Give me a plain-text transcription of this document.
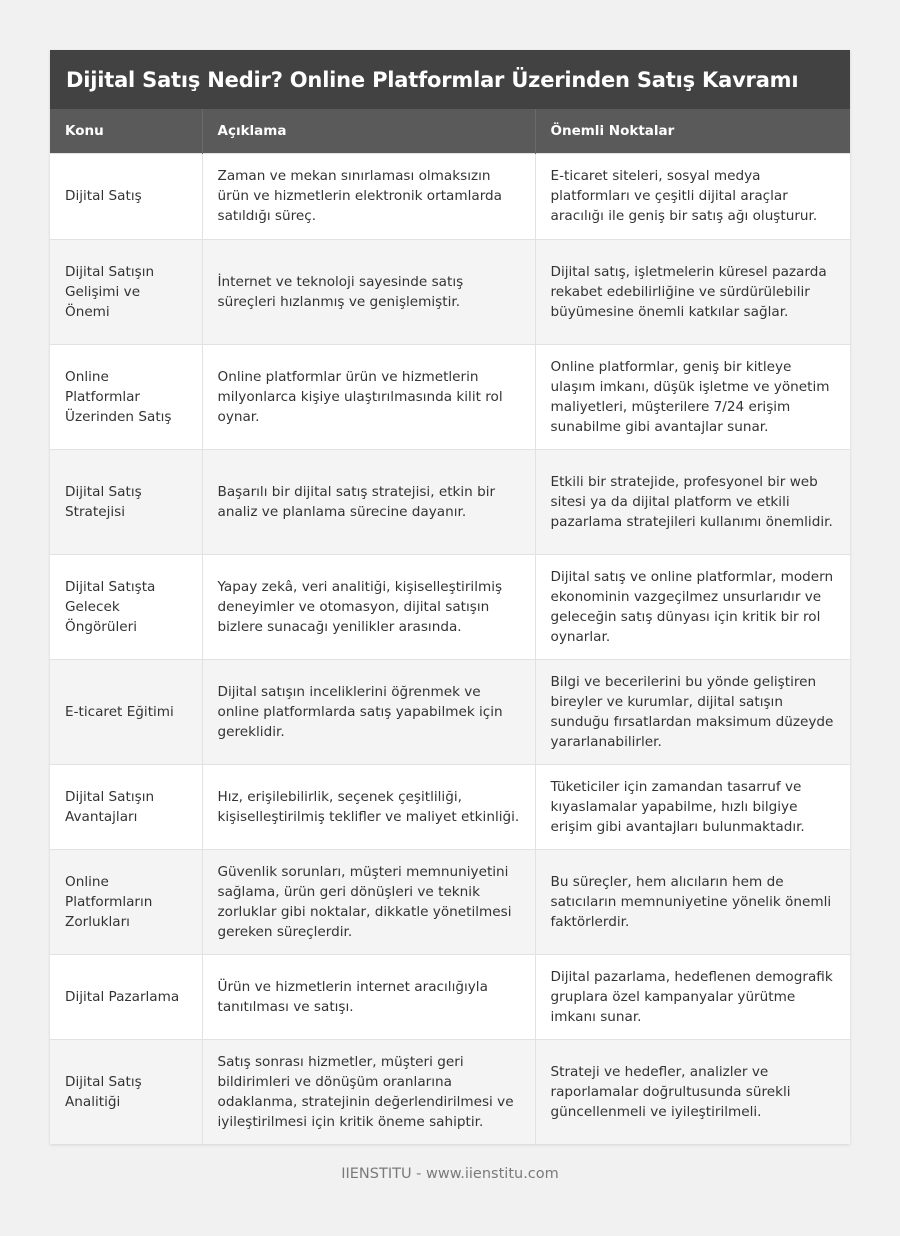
Dijital Satış Nedir? Online Platformlar Üzerinden Satış Kavramı
Konu	Açıklama	Önemli Noktalar
Dijital Satış	Zaman ve mekan sınırlaması olmaksızın ürün ve hizmetlerin elektronik ortamlarda satıldığı süreç.	E-ticaret siteleri, sosyal medya platformları ve çeşitli dijital araçlar aracılığı ile geniş bir satış ağı oluşturur.
Dijital Satışın Gelişimi ve Önemi	İnternet ve teknoloji sayesinde satış süreçleri hızlanmış ve genişlemiştir.	Dijital satış, işletmelerin küresel pazarda rekabet edebilirliğine ve sürdürülebilir büyümesine önemli katkılar sağlar.
Online Platformlar Üzerinden Satış	Online platformlar ürün ve hizmetlerin milyonlarca kişiye ulaştırılmasında kilit rol oynar.	Online platformlar, geniş bir kitleye ulaşım imkanı, düşük işletme ve yönetim maliyetleri, müşterilere 7/24 erişim sunabilme gibi avantajlar sunar.
Dijital Satış Stratejisi	Başarılı bir dijital satış stratejisi, etkin bir analiz ve planlama sürecine dayanır.	Etkili bir stratejide, profesyonel bir web sitesi ya da dijital platform ve etkili pazarlama stratejileri kullanımı önemlidir.
Dijital Satışta Gelecek Öngörüleri	Yapay zekâ, veri analitiği, kişiselleştirilmiş deneyimler ve otomasyon, dijital satışın bizlere sunacağı yenilikler arasında.	Dijital satış ve online platformlar, modern ekonominin vazgeçilmez unsurlarıdır ve geleceğin satış dünyası için kritik bir rol oynarlar.
E-ticaret Eğitimi	Dijital satışın inceliklerini öğrenmek ve online platformlarda satış yapabilmek için gereklidir.	Bilgi ve becerilerini bu yönde geliştiren bireyler ve kurumlar, dijital satışın sunduğu fırsatlardan maksimum düzeyde yararlanabilirler.
Dijital Satışın Avantajları	Hız, erişilebilirlik, seçenek çeşitliliği, kişiselleştirilmiş teklifler ve maliyet etkinliği.	Tüketiciler için zamandan tasarruf ve kıyaslamalar yapabilme, hızlı bilgiye erişim gibi avantajları bulunmaktadır.
Online Platformların Zorlukları	Güvenlik sorunları, müşteri memnuniyetini sağlama, ürün geri dönüşleri ve teknik zorluklar gibi noktalar, dikkatle yönetilmesi gereken süreçlerdir.	Bu süreçler, hem alıcıların hem de satıcıların memnuniyetine yönelik önemli faktörlerdir.
Dijital Pazarlama	Ürün ve hizmetlerin internet aracılığıyla tanıtılması ve satışı.	Dijital pazarlama, hedeflenen demografik gruplara özel kampanyalar yürütme imkanı sunar.
Dijital Satış Analitiği	Satış sonrası hizmetler, müşteri geri bildirimleri ve dönüşüm oranlarına odaklanma, stratejinin değerlendirilmesi ve iyileştirilmesi için kritik öneme sahiptir.	Strateji ve hedefler, analizler ve raporlamalar doğrultusunda sürekli güncellenmeli ve iyileştirilmeli.
IIENSTITU - www.iienstitu.com
